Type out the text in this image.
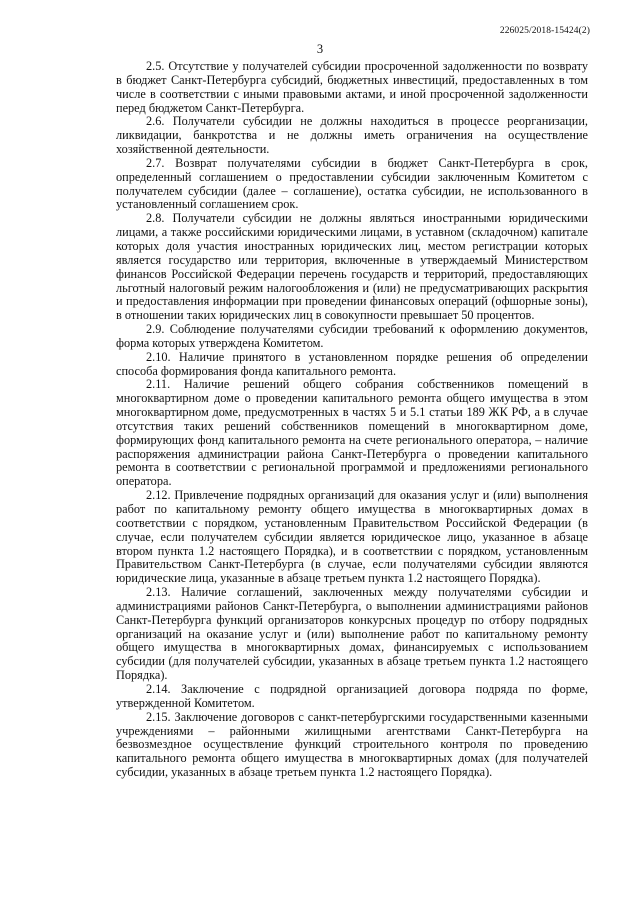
226025/2018-15424(2)
3

2.5. Отсутствие у получателей субсидии просроченной задолженности по возврату в бюджет Санкт-Петербурга субсидий, бюджетных инвестиций, предоставленных в том числе в соответствии с иными правовыми актами, и иной просроченной задолженности перед бюджетом Санкт-Петербурга.

2.6. Получатели субсидии не должны находиться в процессе реорганизации, ликвидации, банкротства и не должны иметь ограничения на осуществление хозяйственной деятельности.

2.7. Возврат получателями субсидии в бюджет Санкт-Петербурга в срок, определенный соглашением о предоставлении субсидии заключенным Комитетом с получателем субсидии (далее – соглашение), остатка субсидии, не использованного в установленный соглашением срок.

2.8. Получатели субсидии не должны являться иностранными юридическими лицами, а также российскими юридическими лицами, в уставном (складочном) капитале которых доля участия иностранных юридических лиц, местом регистрации которых является государство или территория, включенные в утверждаемый Министерством финансов Российской Федерации перечень государств и территорий, предоставляющих льготный налоговый режим налогообложения и (или) не предусматривающих раскрытия и предоставления информации при проведении финансовых операций (офшорные зоны), в отношении таких юридических лиц в совокупности превышает 50 процентов.

2.9. Соблюдение получателями субсидии требований к оформлению документов, форма которых утверждена Комитетом.

2.10. Наличие принятого в установленном порядке решения об определении способа формирования фонда капитального ремонта.

2.11. Наличие решений общего собрания собственников помещений в многоквартирном доме о проведении капитального ремонта общего имущества в этом многоквартирном доме, предусмотренных в частях 5 и 5.1 статьи 189 ЖК РФ, а в случае отсутствия таких решений собственников помещений в многоквартирном доме, формирующих фонд капитального ремонта на счете регионального оператора, – наличие распоряжения администрации района Санкт-Петербурга о проведении капитального ремонта в соответствии с региональной программой и предложениями регионального оператора.

2.12. Привлечение подрядных организаций для оказания услуг и (или) выполнения работ по капитальному ремонту общего имущества в многоквартирных домах в соответствии с порядком, установленным Правительством Российской Федерации (в случае, если получателем субсидии является юридическое лицо, указанное в абзаце втором пункта 1.2 настоящего Порядка), и в соответствии с порядком, установленным Правительством Санкт-Петербурга (в случае, если получателями субсидии являются юридические лица, указанные в абзаце третьем пункта 1.2 настоящего Порядка).

2.13. Наличие соглашений, заключенных между получателями субсидии и администрациями районов Санкт-Петербурга, о выполнении администрациями районов Санкт-Петербурга функций организаторов конкурсных процедур по отбору подрядных организаций на оказание услуг и (или) выполнение работ по капитальному ремонту общего имущества в многоквартирных домах, финансируемых с использованием субсидии (для получателей субсидии, указанных в абзаце третьем пункта 1.2 настоящего Порядка).

2.14. Заключение с подрядной организацией договора подряда по форме, утвержденной Комитетом.

2.15. Заключение договоров с санкт-петербургскими государственными казенными учреждениями – районными жилищными агентствами Санкт-Петербурга на безвозмездное осуществление функций строительного контроля по проведению капитального ремонта общего имущества в многоквартирных домах (для получателей субсидии, указанных в абзаце третьем пункта 1.2 настоящего Порядка).
